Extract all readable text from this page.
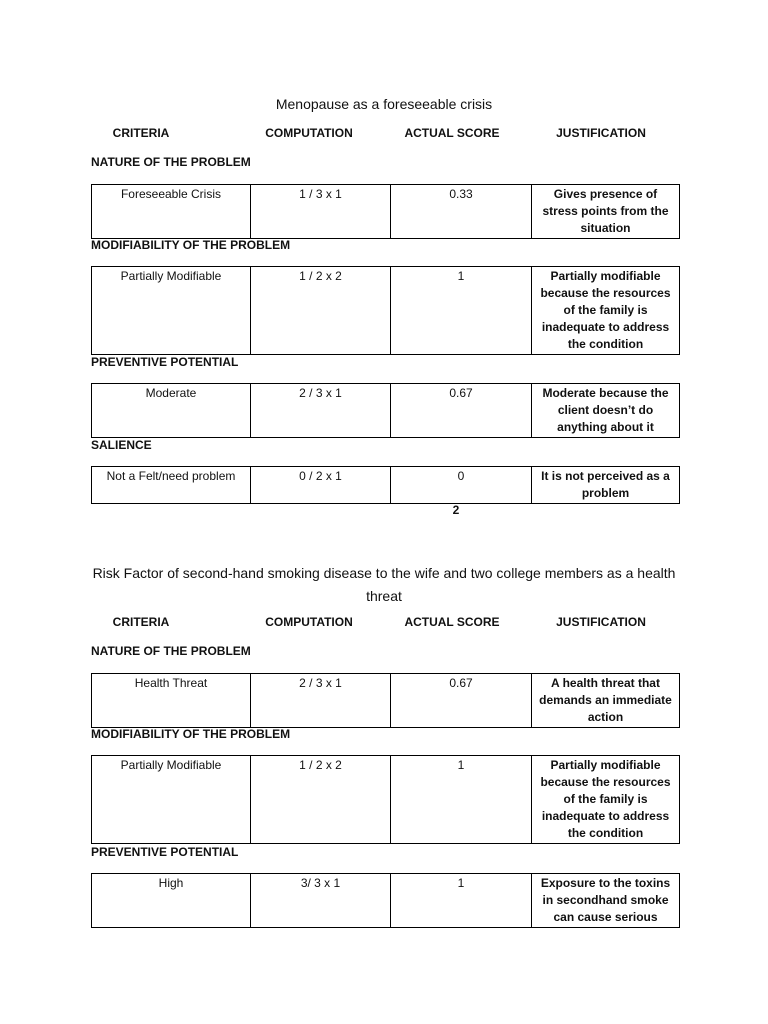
Menopause as a foreseeable crisis
CRITERIA	COMPUTATION	ACTUAL SCORE	JUSTIFICATION
NATURE OF THE PROBLEM
Foreseeable Crisis	1 / 3 x 1	0.33	Gives presence of stress points from the situation
MODIFIABILITY OF THE PROBLEM
Partially Modifiable	1 / 2 x 2	1	Partially modifiable because the resources of the family is inadequate to address the condition
PREVENTIVE POTENTIAL
Moderate	2 / 3 x 1	0.67	Moderate because the client doesn’t do anything about it
SALIENCE
Not a Felt/need problem	0 / 2 x 1	0	It is not perceived as a problem
2
Risk Factor of second-hand smoking disease to the wife and two college members as a health threat
CRITERIA	COMPUTATION	ACTUAL SCORE	JUSTIFICATION
NATURE OF THE PROBLEM
Health Threat	2 / 3 x 1	0.67	A health threat that demands an immediate action
MODIFIABILITY OF THE PROBLEM
Partially Modifiable	1 / 2 x 2	1	Partially modifiable because the resources of the family is inadequate to address the condition
PREVENTIVE POTENTIAL
High	3/ 3 x 1	1	Exposure to the toxins in secondhand smoke can cause serious
